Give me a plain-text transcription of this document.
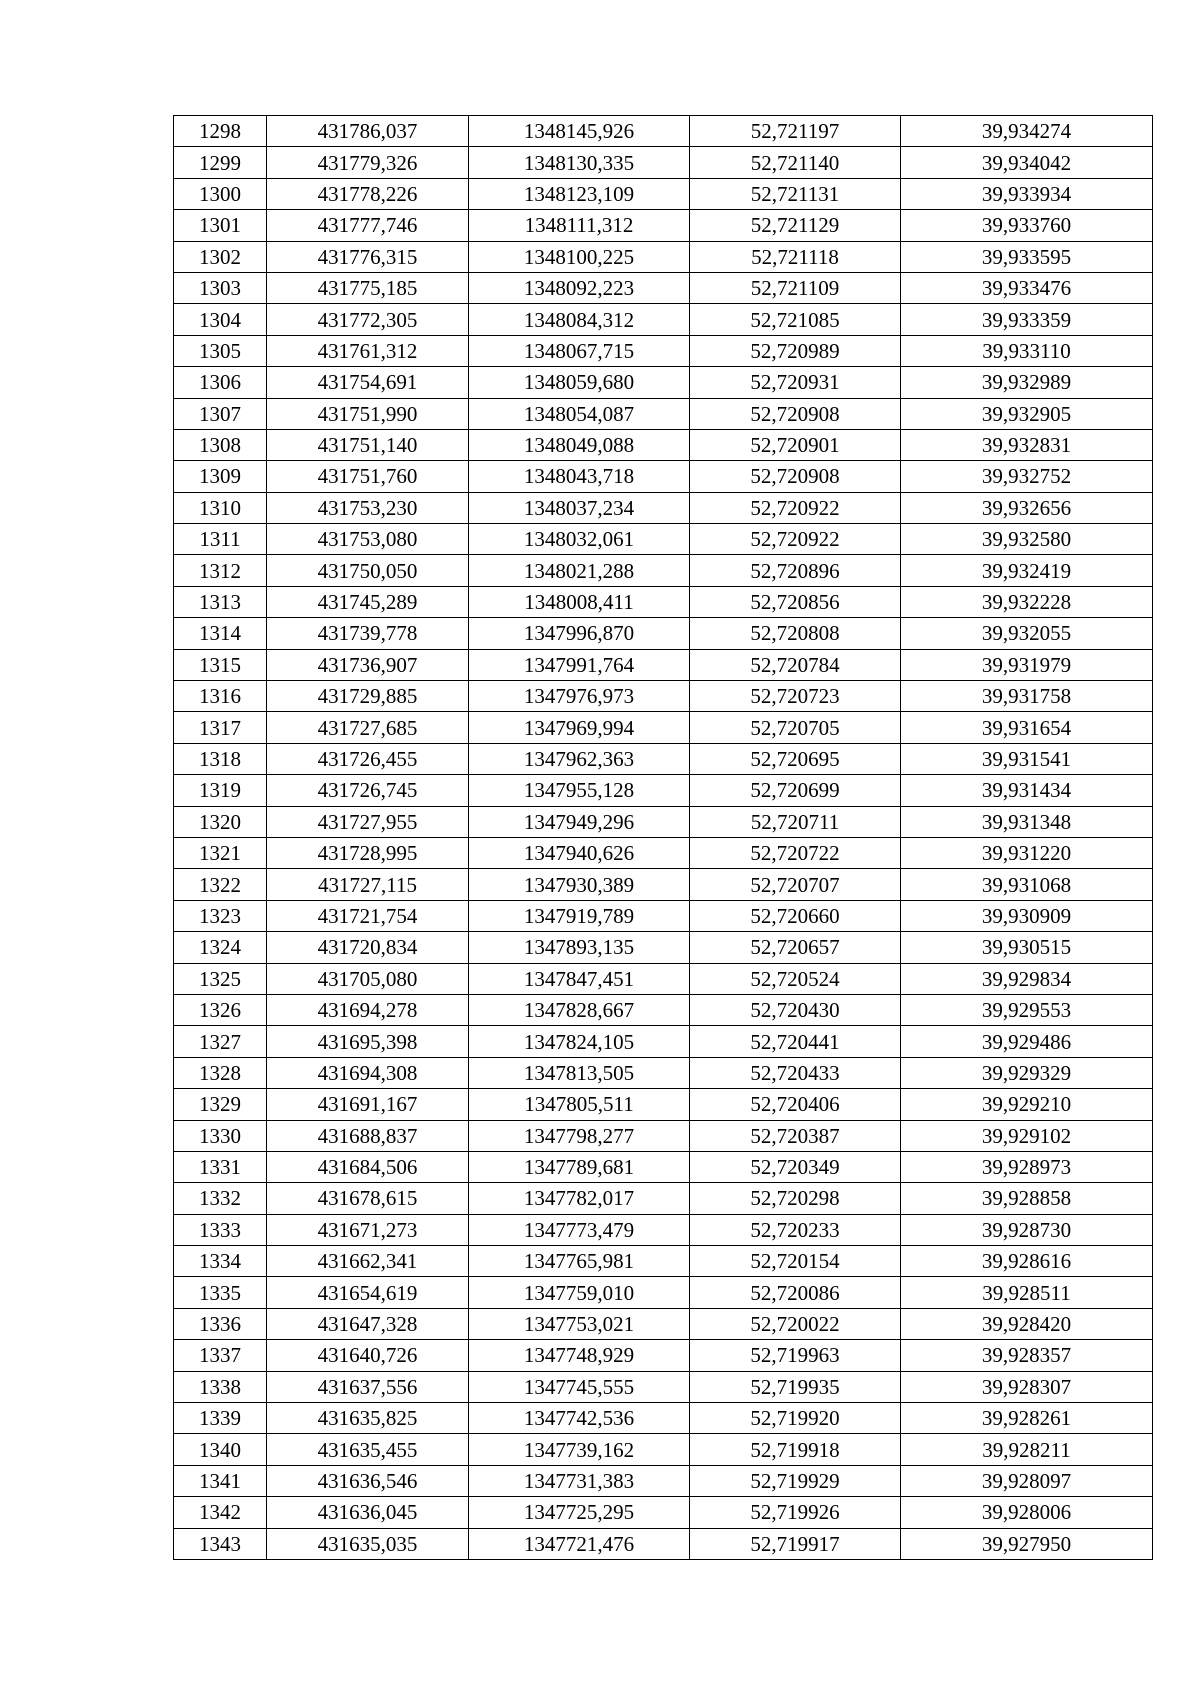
1298	431786,037	1348145,926	52,721197	39,934274
1299	431779,326	1348130,335	52,721140	39,934042
1300	431778,226	1348123,109	52,721131	39,933934
1301	431777,746	1348111,312	52,721129	39,933760
1302	431776,315	1348100,225	52,721118	39,933595
1303	431775,185	1348092,223	52,721109	39,933476
1304	431772,305	1348084,312	52,721085	39,933359
1305	431761,312	1348067,715	52,720989	39,933110
1306	431754,691	1348059,680	52,720931	39,932989
1307	431751,990	1348054,087	52,720908	39,932905
1308	431751,140	1348049,088	52,720901	39,932831
1309	431751,760	1348043,718	52,720908	39,932752
1310	431753,230	1348037,234	52,720922	39,932656
1311	431753,080	1348032,061	52,720922	39,932580
1312	431750,050	1348021,288	52,720896	39,932419
1313	431745,289	1348008,411	52,720856	39,932228
1314	431739,778	1347996,870	52,720808	39,932055
1315	431736,907	1347991,764	52,720784	39,931979
1316	431729,885	1347976,973	52,720723	39,931758
1317	431727,685	1347969,994	52,720705	39,931654
1318	431726,455	1347962,363	52,720695	39,931541
1319	431726,745	1347955,128	52,720699	39,931434
1320	431727,955	1347949,296	52,720711	39,931348
1321	431728,995	1347940,626	52,720722	39,931220
1322	431727,115	1347930,389	52,720707	39,931068
1323	431721,754	1347919,789	52,720660	39,930909
1324	431720,834	1347893,135	52,720657	39,930515
1325	431705,080	1347847,451	52,720524	39,929834
1326	431694,278	1347828,667	52,720430	39,929553
1327	431695,398	1347824,105	52,720441	39,929486
1328	431694,308	1347813,505	52,720433	39,929329
1329	431691,167	1347805,511	52,720406	39,929210
1330	431688,837	1347798,277	52,720387	39,929102
1331	431684,506	1347789,681	52,720349	39,928973
1332	431678,615	1347782,017	52,720298	39,928858
1333	431671,273	1347773,479	52,720233	39,928730
1334	431662,341	1347765,981	52,720154	39,928616
1335	431654,619	1347759,010	52,720086	39,928511
1336	431647,328	1347753,021	52,720022	39,928420
1337	431640,726	1347748,929	52,719963	39,928357
1338	431637,556	1347745,555	52,719935	39,928307
1339	431635,825	1347742,536	52,719920	39,928261
1340	431635,455	1347739,162	52,719918	39,928211
1341	431636,546	1347731,383	52,719929	39,928097
1342	431636,045	1347725,295	52,719926	39,928006
1343	431635,035	1347721,476	52,719917	39,927950
